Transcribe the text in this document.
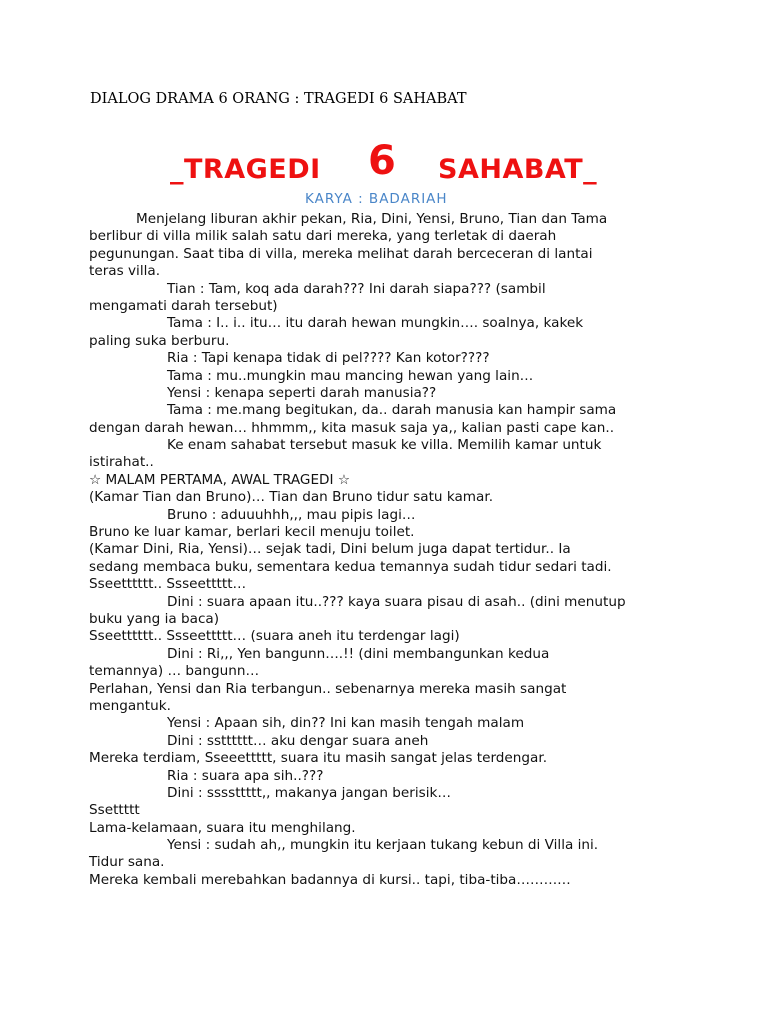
DIALOG DRAMA 6 ORANG : TRAGEDI 6 SAHABAT
_TRAGEDI 6 SAHABAT_
KARYA : BADARIAH
Menjelang liburan akhir pekan, Ria, Dini, Yensi, Bruno, Tian dan Tama
berlibur di villa milik salah satu dari mereka, yang terletak di daerah
pegunungan. Saat tiba di villa, mereka melihat darah berceceran di lantai
teras villa.
Tian : Tam, koq ada darah??? Ini darah siapa??? (sambil
mengamati darah tersebut)
Tama : I.. i.. itu… itu darah hewan mungkin…. soalnya, kakek
paling suka berburu.
Ria : Tapi kenapa tidak di pel???? Kan kotor????
Tama : mu..mungkin mau mancing hewan yang lain…
Yensi : kenapa seperti darah manusia??
Tama : me.mang begitukan, da.. darah manusia kan hampir sama
dengan darah hewan… hhmmm,, kita masuk saja ya,, kalian pasti cape kan..
Ke enam sahabat tersebut masuk ke villa. Memilih kamar untuk
istirahat..
☆ MALAM PERTAMA, AWAL TRAGEDI ☆
(Kamar Tian dan Bruno)… Tian dan Bruno tidur satu kamar.
Bruno : aduuuhhh,,, mau pipis lagi…
Bruno ke luar kamar, berlari kecil menuju toilet.
(Kamar Dini, Ria, Yensi)… sejak tadi, Dini belum juga dapat tertidur.. Ia
sedang membaca buku, sementara kedua temannya sudah tidur sedari tadi.
Sseetttttt.. Ssseettttt…
Dini : suara apaan itu..??? kaya suara pisau di asah.. (dini menutup
buku yang ia baca)
Sseetttttt.. Ssseettttt… (suara aneh itu terdengar lagi)
Dini : Ri,,, Yen bangunn….!! (dini membangunkan kedua
temannya) … bangunn…
Perlahan, Yensi dan Ria terbangun.. sebenarnya mereka masih sangat
mengantuk.
Yensi : Apaan sih, din?? Ini kan masih tengah malam
Dini : sstttttt… aku dengar suara aneh
Mereka terdiam, Sseeettttt, suara itu masih sangat jelas terdengar.
Ria : suara apa sih..???
Dini : ssssttttt,, makanya jangan berisik…
Ssettttt
Lama-kelamaan, suara itu menghilang.
Yensi : sudah ah,, mungkin itu kerjaan tukang kebun di Villa ini.
Tidur sana.
Mereka kembali merebahkan badannya di kursi.. tapi, tiba-tiba…………
